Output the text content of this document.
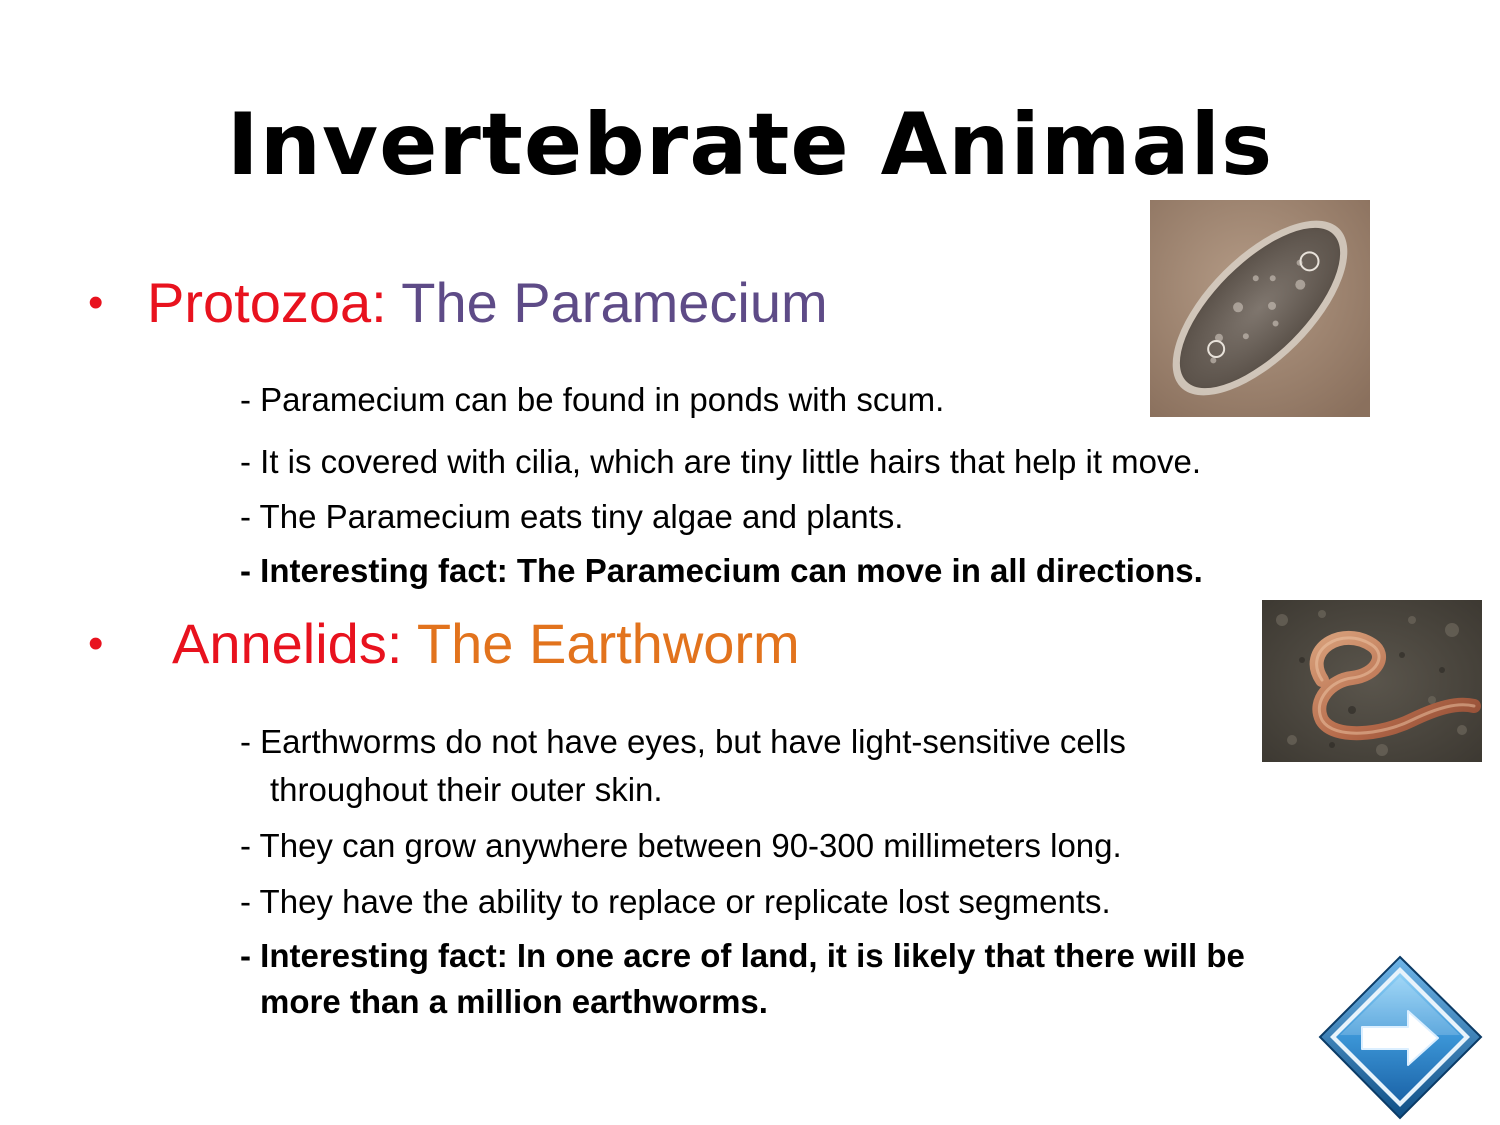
Invertebrate Animals
• Protozoa: The Paramecium
- Paramecium can be found in ponds with scum.
- It is covered with cilia, which are tiny little hairs that help it move.
- The Paramecium eats tiny algae and plants.
- Interesting fact: The Paramecium can move in all directions.
• Annelids: The Earthworm
- Earthworms do not have eyes, but have light-sensitive cells
throughout their outer skin.
- They can grow anywhere between 90-300 millimeters long.
- They have the ability to replace or replicate lost segments.
- Interesting fact: In one acre of land, it is likely that there will be
more than a million earthworms.
